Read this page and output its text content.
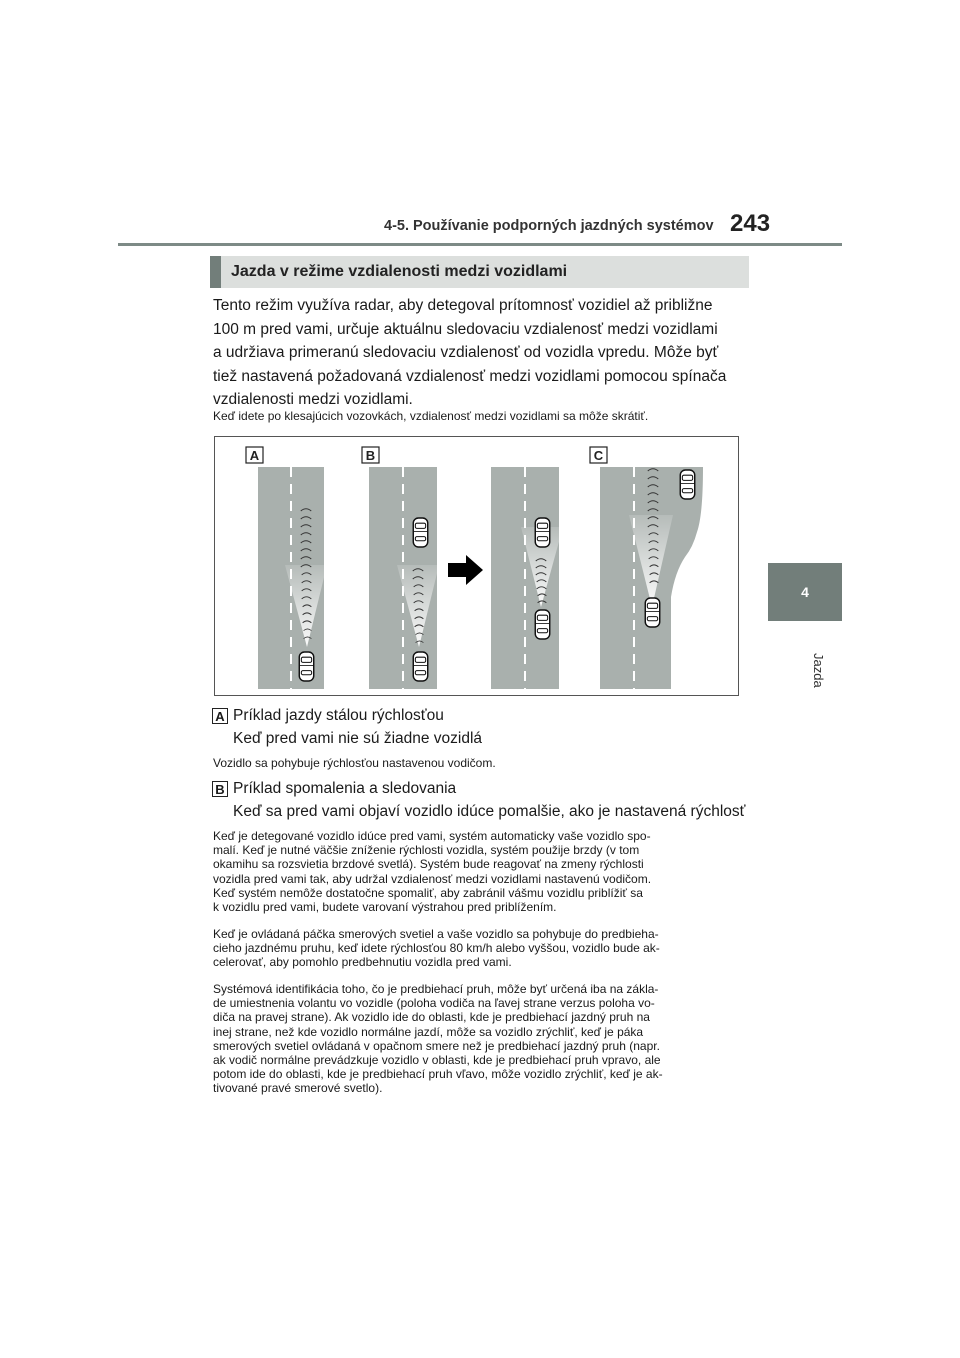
4-5. Používanie podporných jazdných systémov 243
4
Jazda
Jazda v režime vzdialenosti medzi vozidlami

Tento režim využíva radar, aby detegoval prítomnosť vozidiel až približne
100 m pred vami, určuje aktuálnu sledovaciu vzdialenosť medzi vozidlami
a udržiava primeranú sledovaciu vzdialenosť od vozidla vpredu. Môže byť
tiež nastavená požadovaná vzdialenosť medzi vozidlami pomocou spínača
vzdialenosti medzi vozidlami.

Keď idete po klesajúcich vozovkách, vzdialenosť medzi vozidlami sa môže skrátiť.

A	B	C
A Príklad jazdy stálou rýchlosťou
Keď pred vami nie sú žiadne vozidlá

Vozidlo sa pohybuje rýchlosťou nastavenou vodičom.

B Príklad spomalenia a sledovania
Keď sa pred vami objaví vozidlo idúce pomalšie, ako je nastavená rýchlosť

Keď je detegované vozidlo idúce pred vami, systém automaticky vaše vozidlo spo-
malí. Keď je nutné väčšie zníženie rýchlosti vozidla, systém použije brzdy (v tom
okamihu sa rozsvietia brzdové svetlá). Systém bude reagovať na zmeny rýchlosti
vozidla pred vami tak, aby udržal vzdialenosť medzi vozidlami nastavenú vodičom.
Keď systém nemôže dostatočne spomaliť, aby zabránil vášmu vozidlu priblížiť sa
k vozidlu pred vami, budete varovaní výstrahou pred priblížením.

Keď je ovládaná páčka smerových svetiel a vaše vozidlo sa pohybuje do predbieha-
cieho jazdnému pruhu, keď idete rýchlosťou 80 km/h alebo vyššou, vozidlo bude ak-
celerovať, aby pomohlo predbehnutiu vozidla pred vami.

Systémová identifikácia toho, čo je predbiehací pruh, môže byť určená iba na zákla-
de umiestnenia volantu vo vozidle (poloha vodiča na ľavej strane verzus poloha vo-
diča na pravej strane). Ak vozidlo ide do oblasti, kde je predbiehací jazdný pruh na
inej strane, než kde vozidlo normálne jazdí, môže sa vozidlo zrýchliť, keď je páka
smerových svetiel ovládaná v opačnom smere než je predbiehací jazdný pruh (napr.
ak vodič normálne prevádzkuje vozidlo v oblasti, kde je predbiehací pruh vpravo, ale
potom ide do oblasti, kde je predbiehací pruh vľavo, môže vozidlo zrýchliť, keď je ak-
tivované pravé smerové svetlo).
